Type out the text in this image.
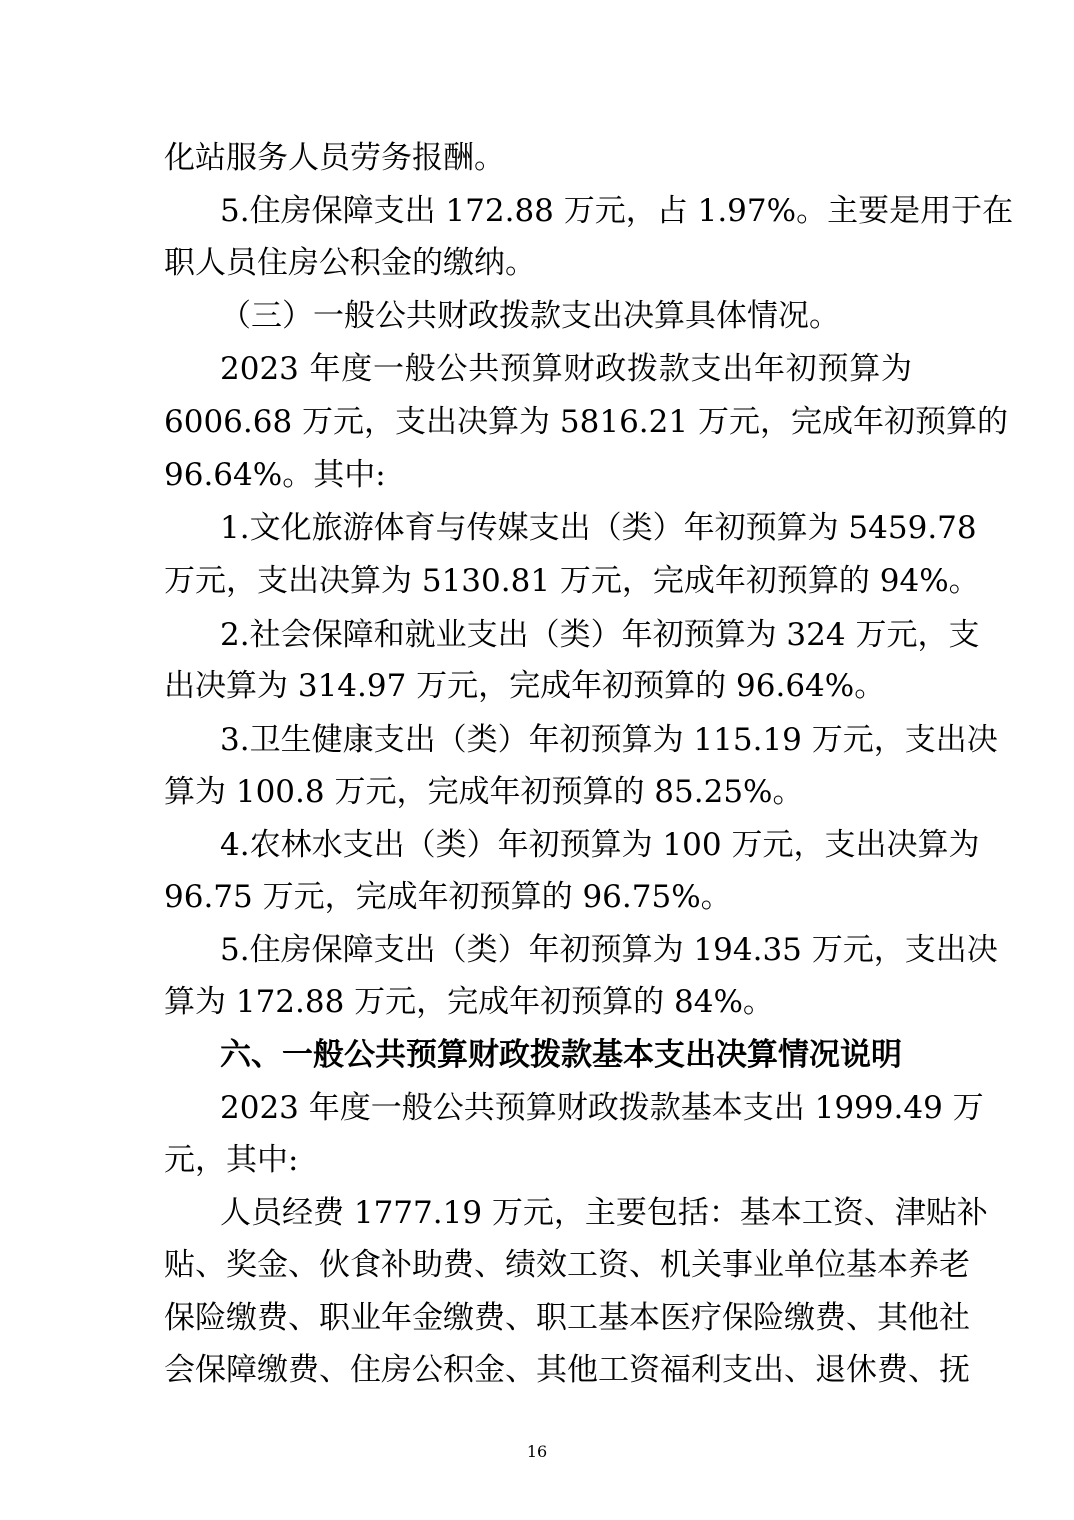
化站服务人员劳务报酬。
5.住房保障支出 172.88 万元，占 1.97%。主要是用于在
职人员住房公积金的缴纳。
（三）一般公共财政拨款支出决算具体情况。
2023 年度一般公共预算财政拨款支出年初预算为
6006.68 万元，支出决算为 5816.21 万元，完成年初预算的
96.64%。其中:
1.文化旅游体育与传媒支出（类）年初预算为 5459.78
万元，支出决算为 5130.81 万元，完成年初预算的 94%。
2.社会保障和就业支出（类）年初预算为 324 万元，支
出决算为 314.97 万元，完成年初预算的 96.64%。
3.卫生健康支出（类）年初预算为 115.19 万元，支出决
算为 100.8 万元，完成年初预算的 85.25%。
4.农林水支出（类）年初预算为 100 万元，支出决算为
96.75 万元，完成年初预算的 96.75%。
5.住房保障支出（类）年初预算为 194.35 万元，支出决
算为 172.88 万元，完成年初预算的 84%。
六、一般公共预算财政拨款基本支出决算情况说明
2023 年度一般公共预算财政拨款基本支出 1999.49 万
元，其中:
人员经费 1777.19 万元，主要包括：基本工资、津贴补
贴、奖金、伙食补助费、绩效工资、机关事业单位基本养老
保险缴费、职业年金缴费、职工基本医疗保险缴费、其他社
会保障缴费、住房公积金、其他工资福利支出、退休费、抚
16
